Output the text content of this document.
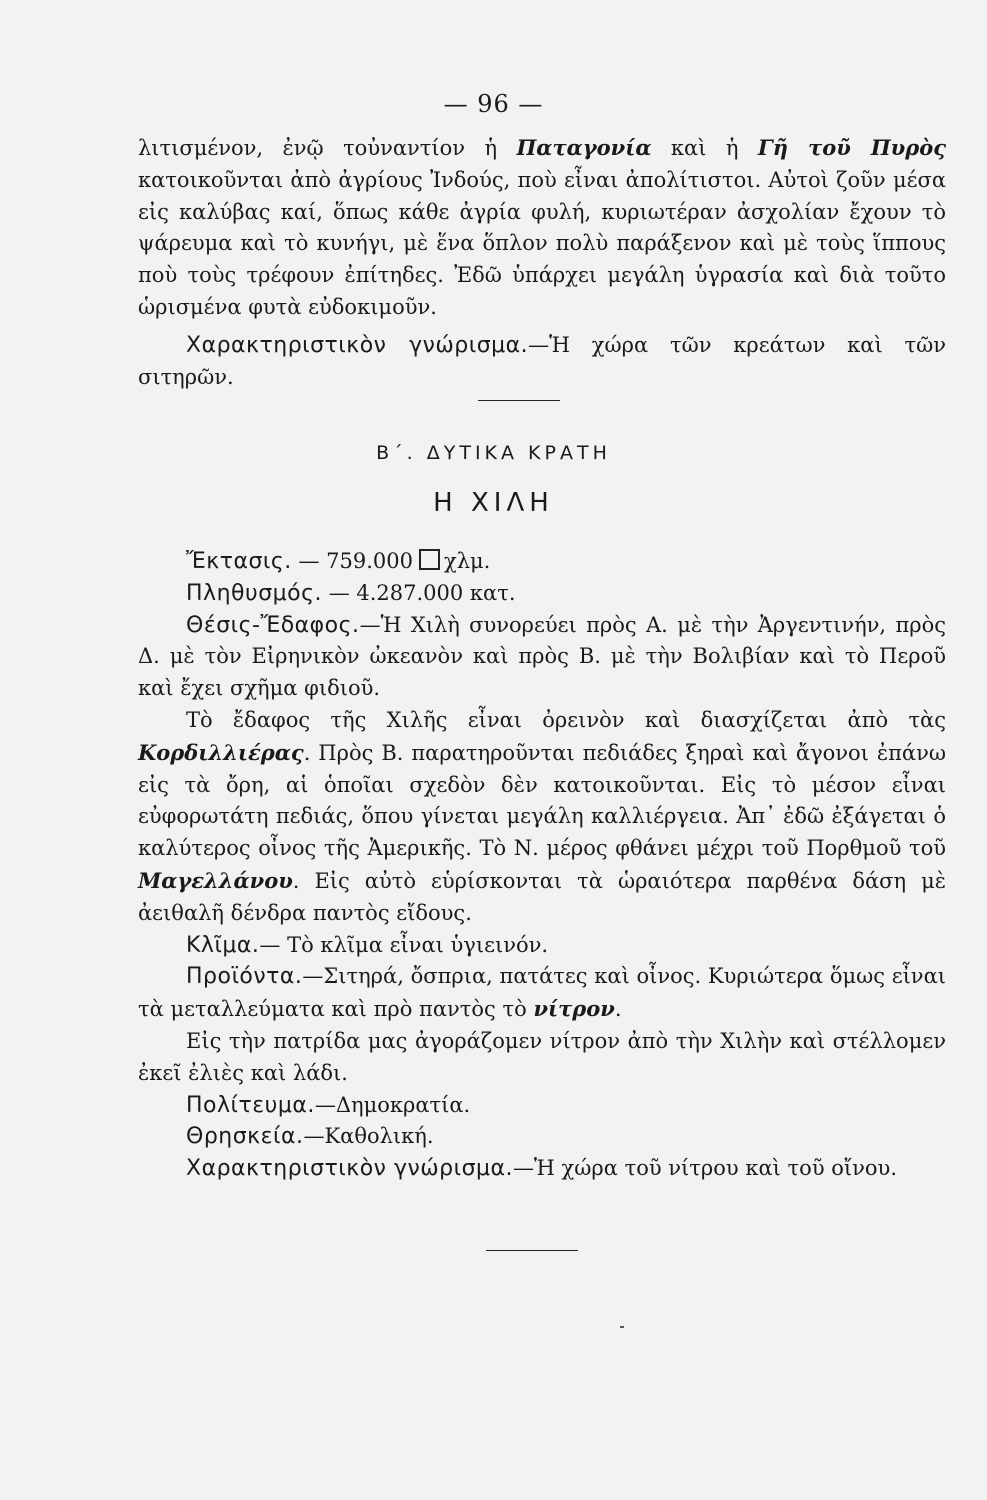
— 96 —

λιτισμένον, ἐνῷ τοὐναντίον ἡ Παταγονία καὶ ἡ Γῆ τοῦ Πυρὸς κατοικοῦνται ἀπὸ ἀγρίους Ἰνδούς, ποὺ εἶναι ἀπολίτιστοι. Αὐτοὶ ζοῦν μέσα εἰς καλύβας καί, ὅπως κάθε ἀγρία φυλή, κυριωτέραν ἀσχολίαν ἔχουν τὸ ψάρευμα καὶ τὸ κυνήγι, μὲ ἕνα ὅπλον πολὺ παράξενον καὶ μὲ τοὺς ἵππους ποὺ τοὺς τρέφουν ἐπίτηδες. Ἐδῶ ὑπάρχει μεγάλη ὑγρασία καὶ διὰ τοῦτο ὡρισμένα φυτὰ εὐδοκιμοῦν.

Χαρακτηριστικὸν γνώρισμα.—Ἡ χώρα τῶν κρεάτων καὶ τῶν σιτηρῶν.

Β΄. ΔΥΤΙΚΑ ΚΡΑΤΗ
Η ΧΙΛΗ

Ἔκτασις. — 759.000 χλμ.

Πληθυσμός. — 4.287.000 κατ.

Θέσις-Ἔδαφος.—Ἡ Χιλὴ συνορεύει πρὸς Α. μὲ τὴν Ἀργεντινήν, πρὸς Δ. μὲ τὸν Εἰρηνικὸν ὠκεανὸν καὶ πρὸς Β. μὲ τὴν Βολιβίαν καὶ τὸ Περοῦ καὶ ἔχει σχῆμα φιδιοῦ.

Τὸ ἔδαφος τῆς Χιλῆς εἶναι ὀρεινὸν καὶ διασχίζεται ἀπὸ τὰς Κορδιλλιέρας. Πρὸς Β. παρατηροῦνται πεδιάδες ξηραὶ καὶ ἄγονοι ἐπάνω εἰς τὰ ὄρη, αἱ ὁποῖαι σχεδὸν δὲν κατοικοῦνται. Εἰς τὸ μέσον εἶναι εὐφορωτάτη πεδιάς, ὅπου γίνεται μεγάλη καλλιέργεια. Ἀπ᾽ ἐδῶ ἐξάγεται ὁ καλύτερος οἶνος τῆς Ἀμερικῆς. Τὸ Ν. μέρος φθάνει μέχρι τοῦ Πορθμοῦ τοῦ Μαγελλάνου. Εἰς αὐτὸ εὑρίσκονται τὰ ὡραιότερα παρθένα δάση μὲ ἀειθαλῆ δένδρα παντὸς εἴδους.

Κλῖμα.— Τὸ κλῖμα εἶναι ὑγιεινόν.

Προϊόντα.—Σιτηρά, ὄσπρια, πατάτες καὶ οἶνος. Κυριώτερα ὅμως εἶναι τὰ μεταλλεύματα καὶ πρὸ παντὸς τὸ νίτρον.

Εἰς τὴν πατρίδα μας ἀγοράζομεν νίτρον ἀπὸ τὴν Χιλὴν καὶ στέλλομεν ἐκεῖ ἐλιὲς καὶ λάδι.

Πολίτευμα.—Δημοκρατία.

Θρησκεία.—Καθολική.

Χαρακτηριστικὸν γνώρισμα.—Ἡ χώρα τοῦ νίτρου καὶ τοῦ οἴνου.
